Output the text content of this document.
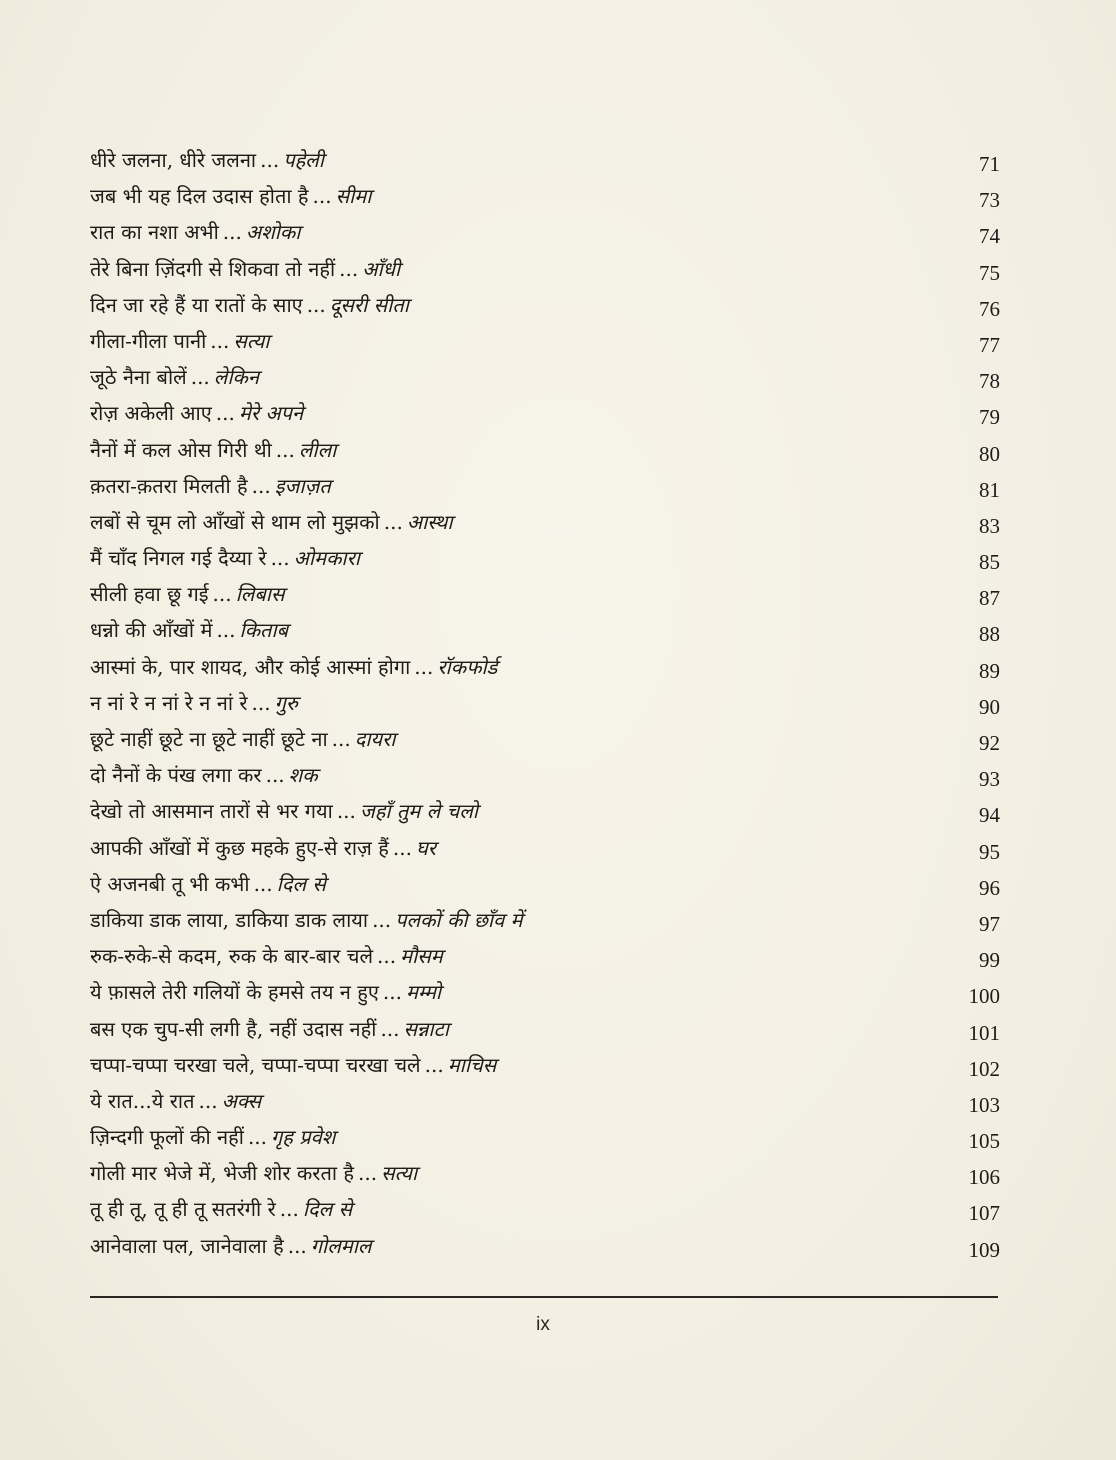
धीरे जलना, धीरे जलना ... पहेली	71
जब भी यह दिल उदास होता है ... सीमा	73
रात का नशा अभी ... अशोका	74
तेरे बिना ज़िंदगी से शिकवा तो नहीं ... आँधी	75
दिन जा रहे हैं या रातों के साए ... दूसरी सीता	76
गीला-गीला पानी ... सत्या	77
जूठे नैना बोलें ... लेकिन	78
रोज़ अकेली आए ... मेरे अपने	79
नैनों में कल ओस गिरी थी ... लीला	80
क़तरा-क़तरा मिलती है ... इजाज़त	81
लबों से चूम लो आँखों से थाम लो मुझको ... आस्था	83
मैं चाँद निगल गई दैय्या रे ... ओमकारा	85
सीली हवा छू गई ... लिबास	87
धन्नो की आँखों में ... किताब	88
आस्मां के, पार शायद, और कोई आस्मां होगा ... रॉकफोर्ड	89
न नां रे न नां रे न नां रे ... गुरु	90
छूटे नाहीं छूटे ना छूटे नाहीं छूटे ना ... दायरा	92
दो नैनों के पंख लगा कर ... शक	93
देखो तो आसमान तारों से भर गया ... जहाँ तुम ले चलो	94
आपकी आँखों में कुछ महके हुए-से राज़ हैं ... घर	95
ऐ अजनबी तू भी कभी ... दिल से	96
डाकिया डाक लाया, डाकिया डाक लाया ... पलकों की छाँव में	97
रुक-रुके-से कदम, रुक के बार-बार चले ... मौसम	99
ये फ़ासले तेरी गलियों के हमसे तय न हुए ... मम्मो	100
बस एक चुप-सी लगी है, नहीं उदास नहीं ... सन्नाटा	101
चप्पा-चप्पा चरखा चले, चप्पा-चप्पा चरखा चले ... माचिस	102
ये रात...ये रात ... अक्स	103
ज़िन्दगी फूलों की नहीं ... गृह प्रवेश	105
गोली मार भेजे में, भेजी शोर करता है ... सत्या	106
तू ही तू, तू ही तू सतरंगी रे ... दिल से	107
आनेवाला पल, जानेवाला है ... गोलमाल	109
ix
